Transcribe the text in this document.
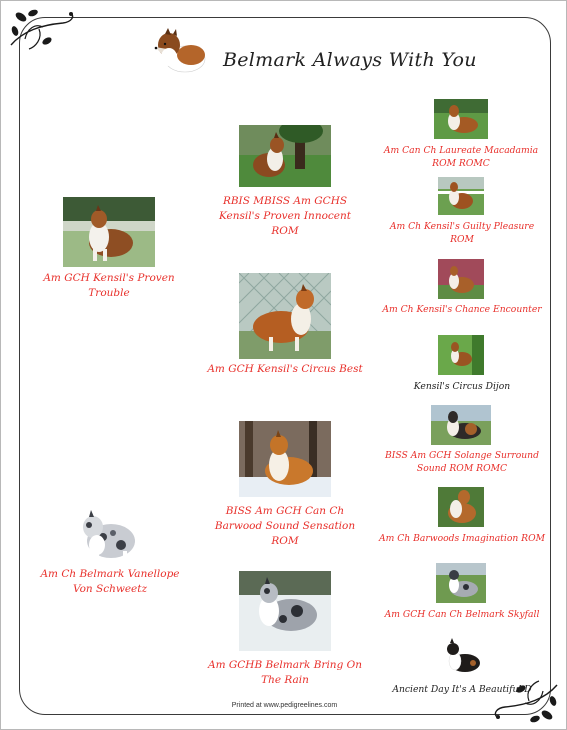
Belmark Always With You
Am GCH Kensil's Proven Trouble
Am Ch Belmark Vanellope Von Schweetz
RBIS MBISS Am GCHS Kensil's Proven Innocent ROM
Am GCH Kensil's Circus Best
BISS Am GCH Can Ch Barwood Sound Sensation ROM
Am GCHB Belmark Bring On The Rain
Am Can Ch Laureate Macadamia ROM ROMC
Am Ch Kensil's Guilty Pleasure ROM
Am Ch Kensil's Chance Encounter
Kensil's Circus Dijon
BISS Am GCH Solange Surround Sound ROM ROMC
Am Ch Barwoods Imagination ROM
Am GCH Can Ch Belmark Skyfall
Ancient Day It's A Beautiful D
Printed at www.pedigreelines.com
